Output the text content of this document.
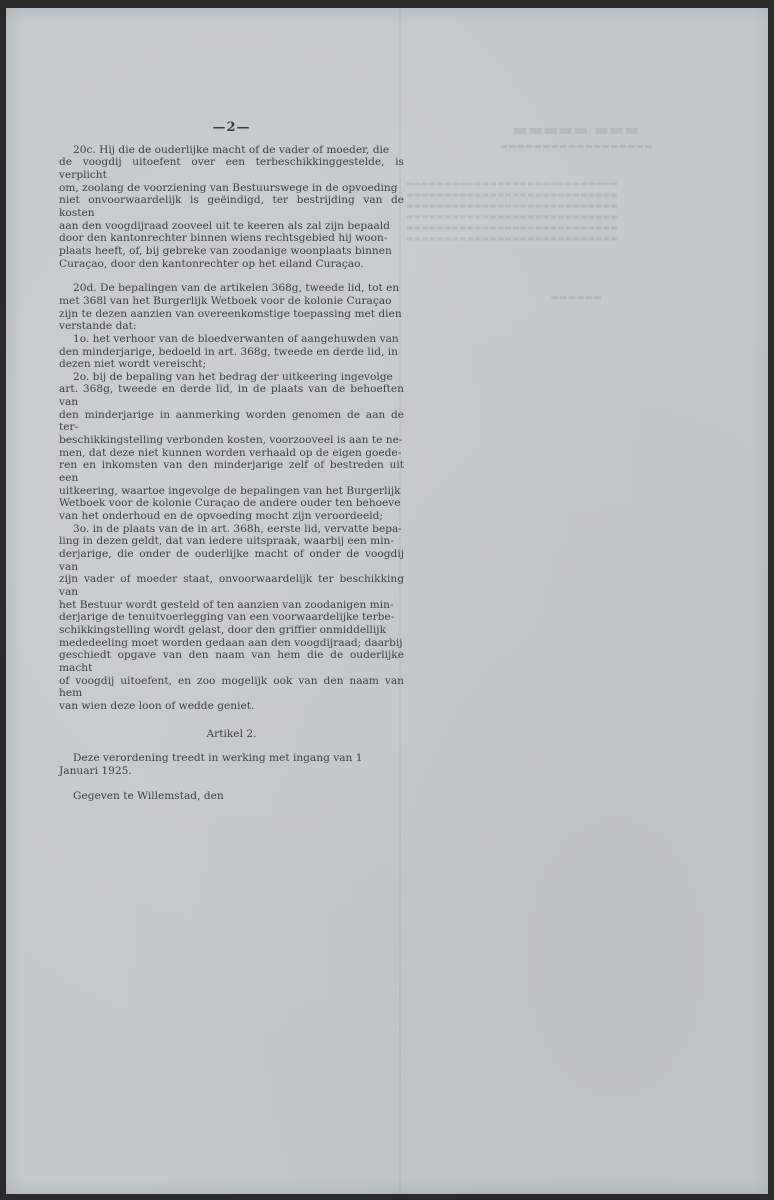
▬▬▬▬▬ ▬▬▬
▬▬▬▬▬▬▬▬▬▬▬▬▬▬▬▬▬▬
▬▬▬▬▬▬▬▬▬▬▬▬▬▬▬▬▬▬▬▬▬▬▬▬▬▬▬▬
▬▬▬▬▬▬▬▬▬▬▬▬▬▬▬▬▬▬▬▬▬▬▬▬▬▬▬▬
▬▬▬▬▬▬▬▬▬▬▬▬▬▬▬▬▬▬▬▬▬▬▬▬▬▬▬▬
▬▬▬▬▬▬▬▬▬▬▬▬▬▬▬▬▬▬▬▬▬▬▬▬▬▬▬▬
▬▬▬▬▬▬▬▬▬▬▬▬▬▬▬▬▬▬▬▬▬▬▬▬▬▬▬▬
▬▬▬▬▬▬▬▬▬▬▬▬▬▬▬▬▬▬▬▬▬▬▬▬▬▬▬▬
▬▬▬▬▬▬
—2—
20c. Hij die de ouderlijke macht of de vader of moeder, die
de voogdij uitoefent over een terbeschikkinggestelde, is verplicht
om, zoolang de voorziening van Bestuurswege in de opvoeding
niet onvoorwaardelijk is geëindigd, ter bestrijding van de kosten
aan den voogdijraad zooveel uit te keeren als zal zijn bepaald
door den kantonrechter binnen wiens rechtsgebied hij woon-
plaats heeft, of, bij gebreke van zoodanige woonplaats binnen
Curaçao, door den kantonrechter op het eiland Curaçao.
20d. De bepalingen van de artikelen 368g, tweede lid, tot en
met 368l van het Burgerlijk Wetboek voor de kolonie Curaçao
zijn te dezen aanzien van overeenkomstige toepassing met dien
verstande dat:
1o. het verhoor van de bloedverwanten of aangehuwden van
den minderjarige, bedoeld in art. 368g, tweede en derde lid, in
dezen niet wordt vereischt;
2o. bij de bepaling van het bedrag der uitkeering ingevolge
art. 368g, tweede en derde lid, in de plaats van de behoeften van
den minderjarige in aanmerking worden genomen de aan de ter-
beschikkingstelling verbonden kosten, voorzooveel is aan te ne-
men, dat deze niet kunnen worden verhaald op de eigen goede-
ren en inkomsten van den minderjarige zelf of bestreden uit een
uitkeering, waartoe ingevolge de bepalingen van het Burgerlijk
Wetboek voor de kolonie Curaçao de andere ouder ten behoeve
van het onderhoud en de opvoeding mocht zijn veroordeeld;
3o. in de plaats van de in art. 368h, eerste lid, vervatte bepa-
ling in dezen geldt, dat van iedere uitspraak, waarbij een min-
derjarige, die onder de ouderlijke macht of onder de voogdij van
zijn vader of moeder staat, onvoorwaardelijk ter beschikking van
het Bestuur wordt gesteld of ten aanzien van zoodanigen min-
derjarige de tenuitvoerlegging van een voorwaardelijke terbe-
schikkingstelling wordt gelast, door den griffier onmiddellijk
mededeeling moet worden gedaan aan den voogdijraad; daarbij
geschiedt opgave van den naam van hem die de ouderlijke macht
of voogdij uitoefent, en zoo mogelijk ook van den naam van hem
van wien deze loon of wedde geniet.
Artikel 2.
Deze verordening treedt in werking met ingang van 1
Januari 1925.
Gegeven te Willemstad, den
